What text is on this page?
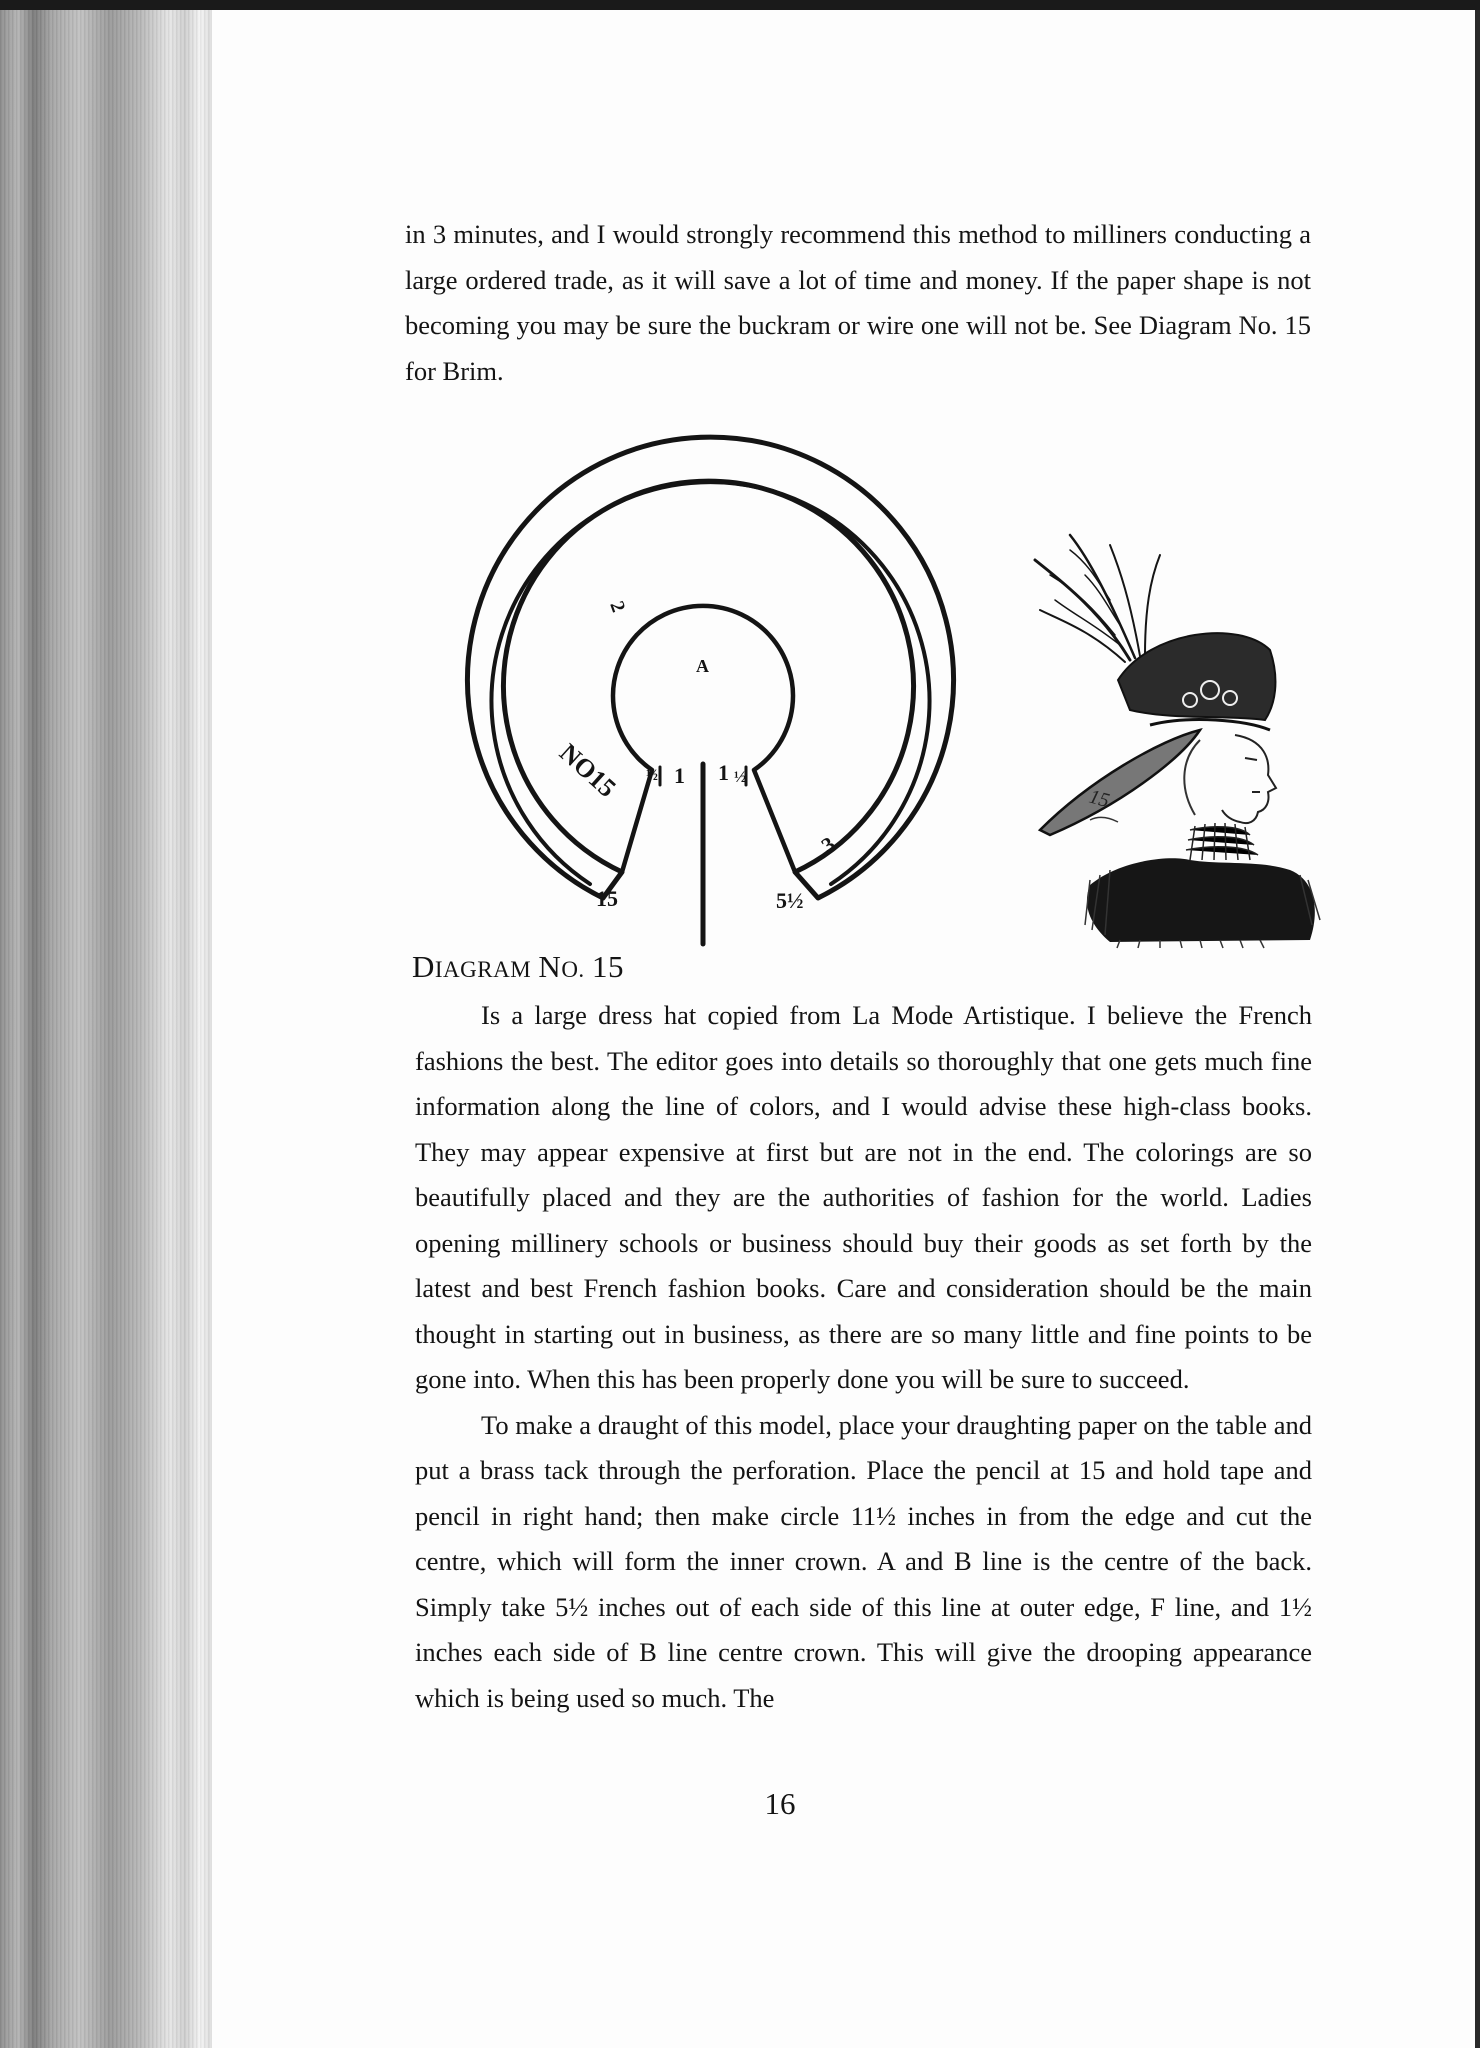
in 3 minutes, and I would strongly recommend this method to milliners conducting a large ordered trade, as it will save a lot of time and money. If the paper shape is not becoming you may be sure the buckram or wire one will not be. See Diagram No. 15 for Brim.
A
NO15
2
1
½	1 ½
15
3
5½
15
DIAGRAM NO. 15

Is a large dress hat copied from La Mode Artistique. I believe the French fashions the best. The editor goes into details so thoroughly that one gets much fine information along the line of colors, and I would advise these high-class books. They may appear expensive at first but are not in the end. The colorings are so beautifully placed and they are the authorities of fashion for the world. Ladies opening millinery schools or business should buy their goods as set forth by the latest and best French fashion books. Care and consideration should be the main thought in starting out in business, as there are so many little and fine points to be gone into. When this has been properly done you will be sure to succeed.

To make a draught of this model, place your draughting paper on the table and put a brass tack through the perforation. Place the pencil at 15 and hold tape and pencil in right hand; then make circle 11½ inches in from the edge and cut the centre, which will form the inner crown. A and B line is the centre of the back. Simply take 5½ inches out of each side of this line at outer edge, F line, and 1½ inches each side of B line centre crown. This will give the drooping appearance which is being used so much. The

16
